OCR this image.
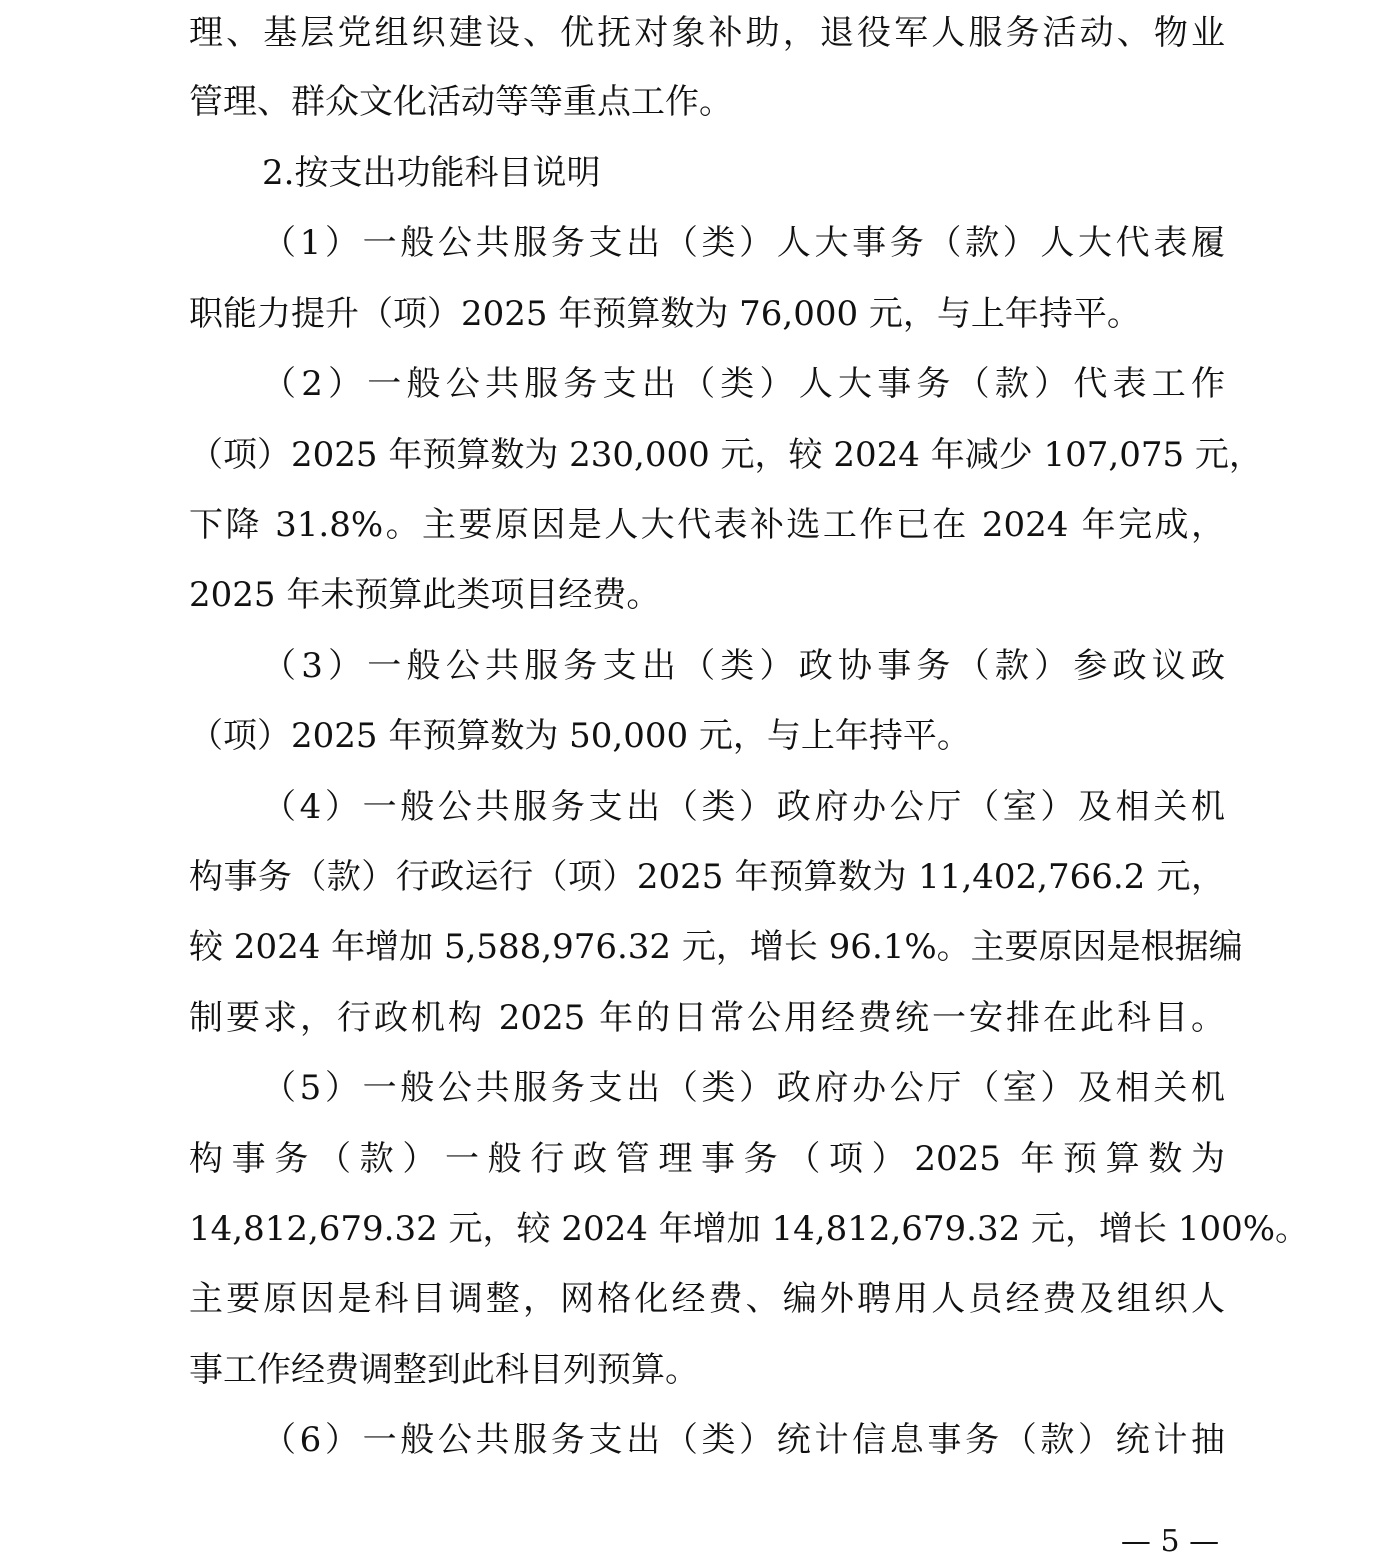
理、基层党组织建设、优抚对象补助，退役军人服务活动、物业
管理、群众文化活动等等重点工作。
2.按支出功能科目说明
（1）一般公共服务支出（类）人大事务（款）人大代表履
职能力提升（项）2025 年预算数为 76,000 元，与上年持平。
（2）一般公共服务支出（类）人大事务（款）代表工作
（项）2025 年预算数为 230,000 元，较 2024 年减少 107,075 元，
下降 31.8%。主要原因是人大代表补选工作已在 2024 年完成，
2025 年未预算此类项目经费。
（3）一般公共服务支出（类）政协事务（款）参政议政
（项）2025 年预算数为 50,000 元，与上年持平。
（4）一般公共服务支出（类）政府办公厅（室）及相关机
构事务（款）行政运行（项）2025 年预算数为 11,402,766.2 元，
较 2024 年增加 5,588,976.32 元，增长 96.1%。主要原因是根据编
制要求，行政机构 2025 年的日常公用经费统一安排在此科目。
（5）一般公共服务支出（类）政府办公厅（室）及相关机
构事务（款）一般行政管理事务（项）2025 年预算数为
14,812,679.32 元，较 2024 年增加 14,812,679.32 元，增长 100%。
主要原因是科目调整，网格化经费、编外聘用人员经费及组织人
事工作经费调整到此科目列预算。
（6）一般公共服务支出（类）统计信息事务（款）统计抽
— 5 —
